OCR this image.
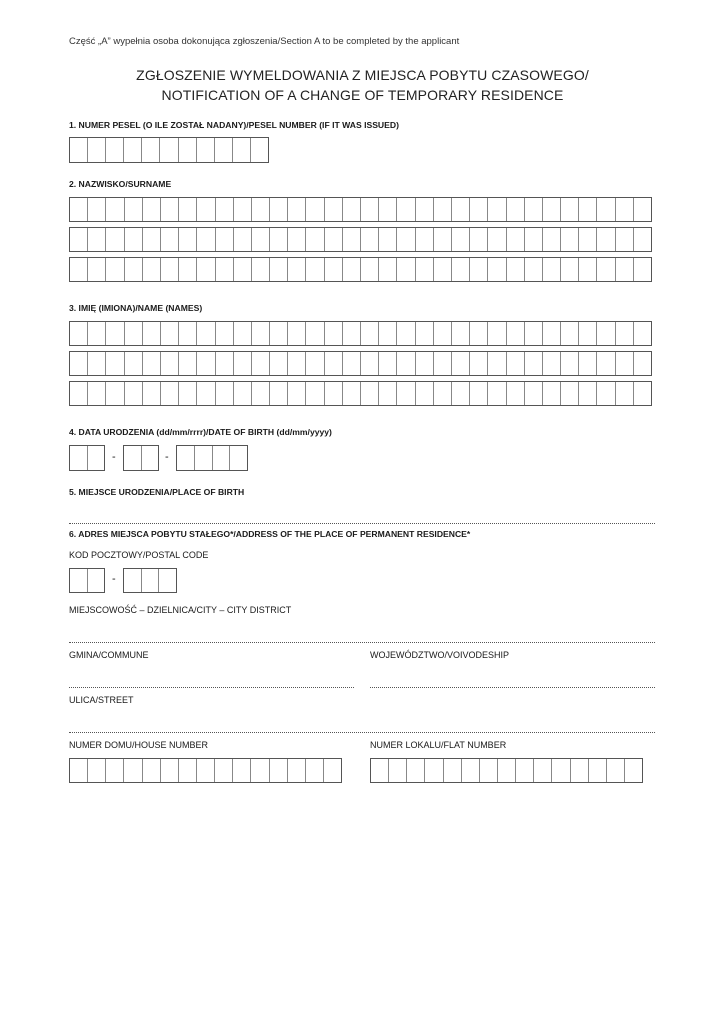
Część „A” wypełnia osoba dokonująca zgłoszenia/Section A to be completed by the applicant
ZGŁOSZENIE WYMELDOWANIA Z MIEJSCA POBYTU CZASOWEGO/
NOTIFICATION OF A CHANGE OF TEMPORARY RESIDENCE
1. NUMER PESEL (O ILE ZOSTAŁ NADANY)/PESEL NUMBER (IF IT WAS ISSUED)
2. NAZWISKO/SURNAME
3. IMIĘ (IMIONA)/NAME (NAMES)
4. DATA URODZENIA (dd/mm/rrrr)/DATE OF BIRTH (dd/mm/yyyy)
-	-
5. MIEJSCE URODZENIA/PLACE OF BIRTH
6. ADRES MIEJSCA POBYTU STAŁEGO*/ADDRESS OF THE PLACE OF PERMANENT RESIDENCE*
KOD POCZTOWY/POSTAL CODE
-
MIEJSCOWOŚĆ – DZIELNICA/CITY – CITY DISTRICT
GMINA/COMMUNE	WOJEWÓDZTWO/VOIVODESHIP
ULICA/STREET
NUMER DOMU/HOUSE NUMBER	NUMER LOKALU/FLAT NUMBER
